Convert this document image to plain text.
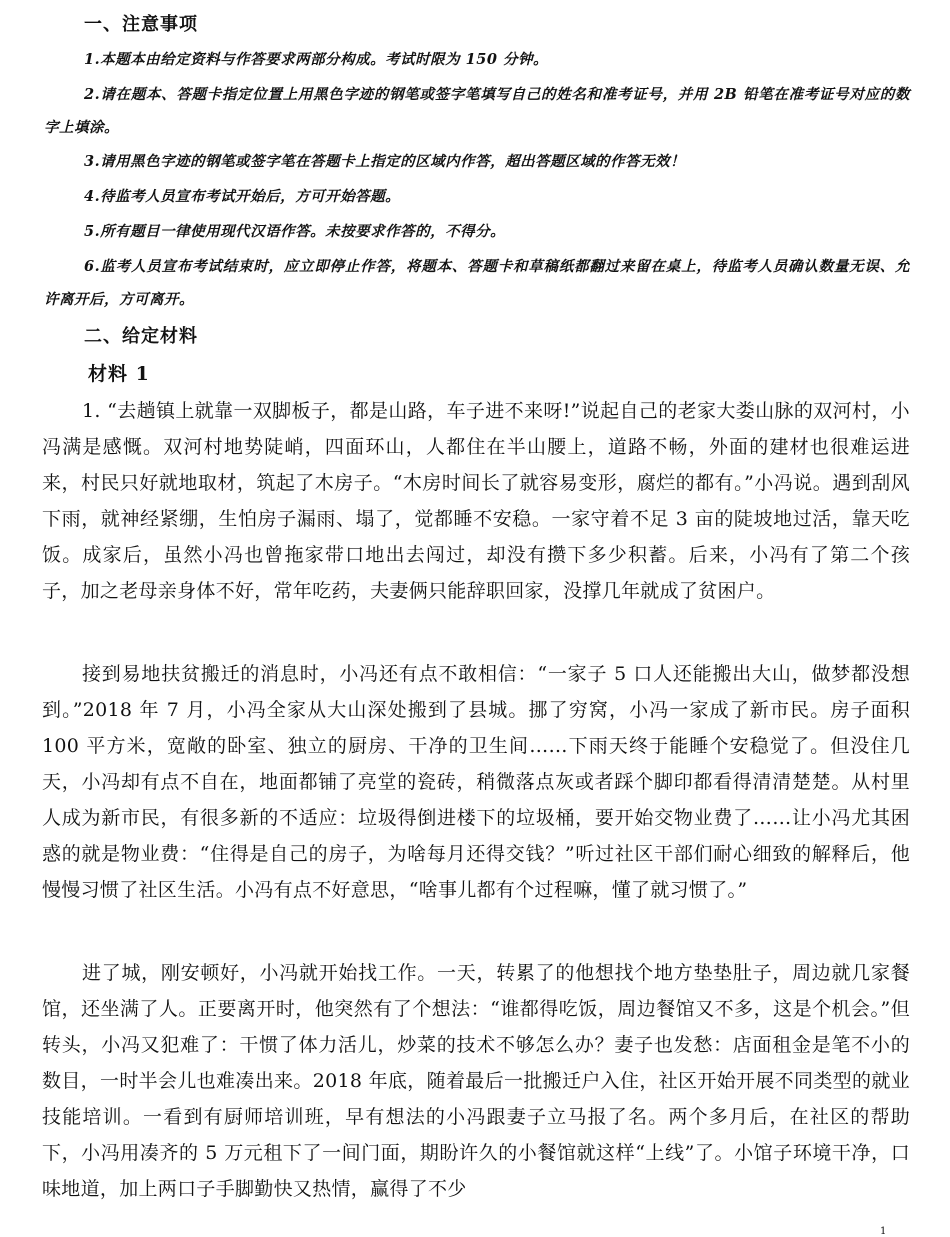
一、注意事项
1.本题本由给定资料与作答要求两部分构成。考试时限为 150 分钟。
2.请在题本、答题卡指定位置上用黑色字迹的钢笔或签字笔填写自己的姓名和准考证号，并用 2B 铅笔在准考证号对应的数字上填涂。
3.请用黑色字迹的钢笔或签字笔在答题卡上指定的区域内作答，超出答题区域的作答无效！
4.待监考人员宣布考试开始后，方可开始答题。
5.所有题目一律使用现代汉语作答。未按要求作答的，不得分。
6.监考人员宣布考试结束时，应立即停止作答，将题本、答题卡和草稿纸都翻过来留在桌上，待监考人员确认数量无误、允许离开后，方可离开。
二、给定材料
材料 1
1. “去趟镇上就靠一双脚板子，都是山路，车子进不来呀!”说起自己的老家大娄山脉的双河村，小冯满是感慨。双河村地势陡峭，四面环山，人都住在半山腰上，道路不畅，外面的建材也很难运进来，村民只好就地取材，筑起了木房子。“木房时间长了就容易变形，腐烂的都有。”小冯说。遇到刮风下雨，就神经紧绷，生怕房子漏雨、塌了，觉都睡不安稳。一家守着不足 3 亩的陡坡地过活，靠天吃饭。成家后，虽然小冯也曾拖家带口地出去闯过，却没有攒下多少积蓄。后来，小冯有了第二个孩子，加之老母亲身体不好，常年吃药，夫妻俩只能辞职回家，没撑几年就成了贫困户。
接到易地扶贫搬迁的消息时，小冯还有点不敢相信：“一家子 5 口人还能搬出大山，做梦都没想到。”2018 年 7 月，小冯全家从大山深处搬到了县城。挪了穷窝，小冯一家成了新市民。房子面积 100 平方米，宽敞的卧室、独立的厨房、干净的卫生间……下雨天终于能睡个安稳觉了。但没住几天，小冯却有点不自在，地面都铺了亮堂的瓷砖，稍微落点灰或者踩个脚印都看得清清楚楚。从村里人成为新市民，有很多新的不适应：垃圾得倒进楼下的垃圾桶，要开始交物业费了……让小冯尤其困惑的就是物业费：“住得是自己的房子，为啥每月还得交钱？”听过社区干部们耐心细致的解释后，他慢慢习惯了社区生活。小冯有点不好意思，“啥事儿都有个过程嘛，懂了就习惯了。”
进了城，刚安顿好，小冯就开始找工作。一天，转累了的他想找个地方垫垫肚子，周边就几家餐馆，还坐满了人。正要离开时，他突然有了个想法：“谁都得吃饭，周边餐馆又不多，这是个机会。”但转头，小冯又犯难了：干惯了体力活儿，炒菜的技术不够怎么办？妻子也发愁：店面租金是笔不小的数目，一时半会儿也难凑出来。2018 年底，随着最后一批搬迁户入住，社区开始开展不同类型的就业技能培训。一看到有厨师培训班，早有想法的小冯跟妻子立马报了名。两个多月后，在社区的帮助下，小冯用凑齐的 5 万元租下了一间门面，期盼许久的小餐馆就这样“上线”了。小馆子环境干净，口味地道，加上两口子手脚勤快又热情，赢得了不少
1
